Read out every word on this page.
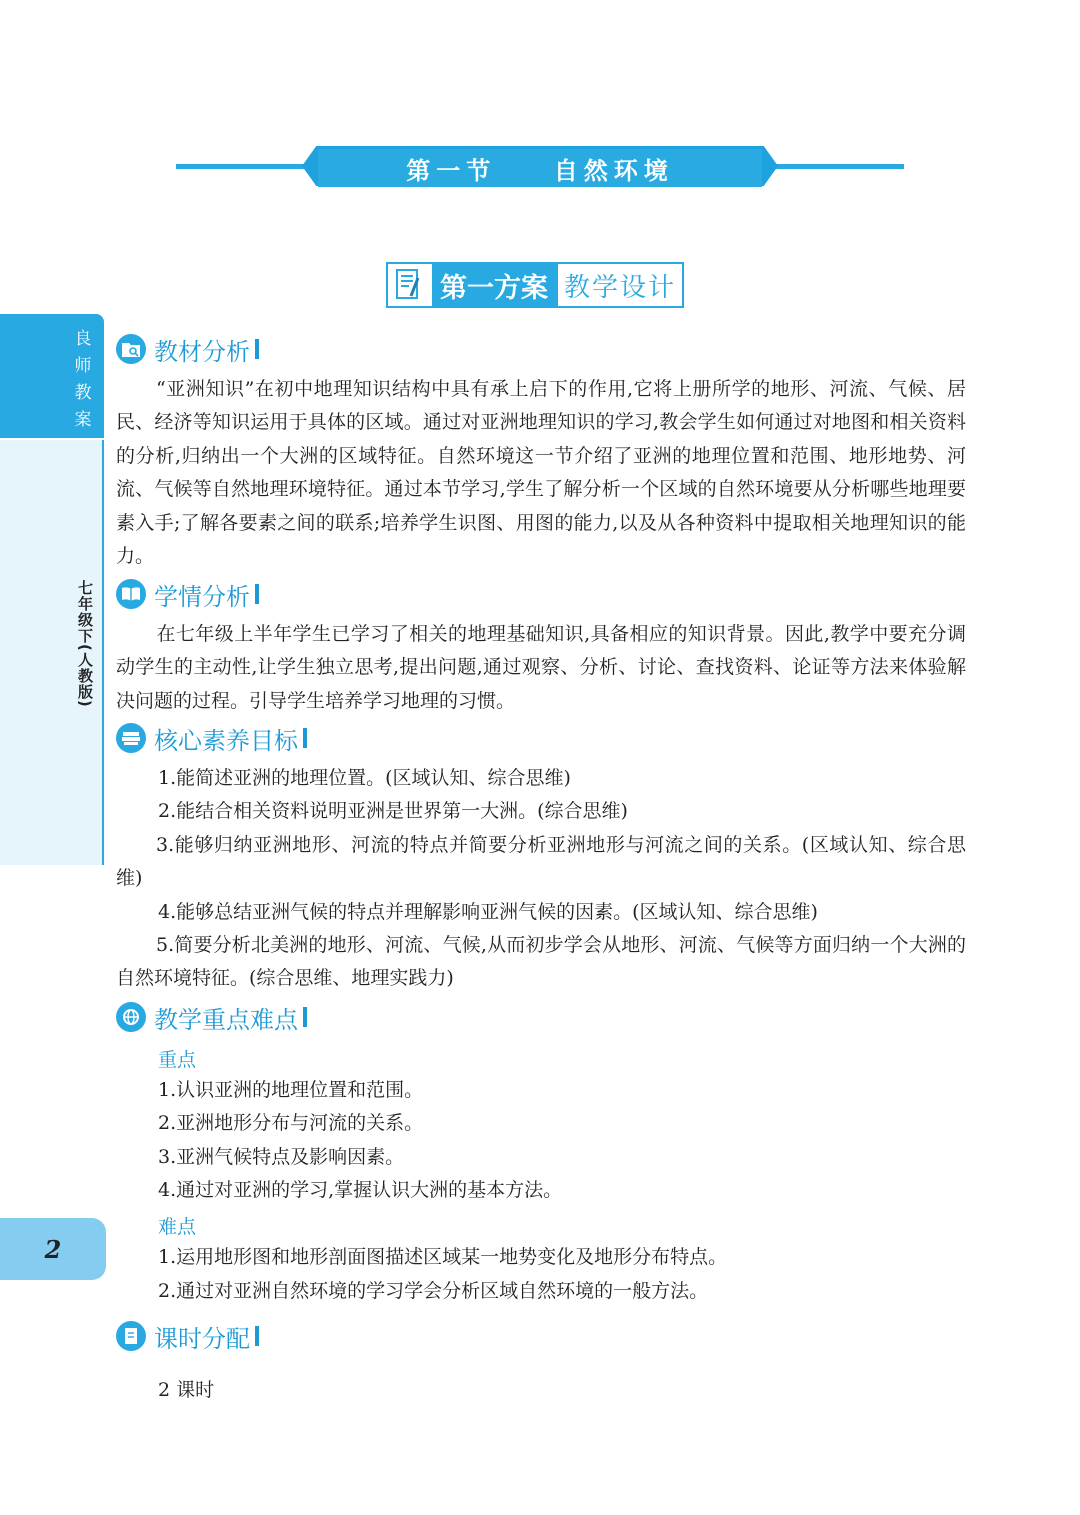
第一节    自然环境
第一方案 教学设计
良师教案
七年级下(人教版)
2
教材分析

“亚洲知识”在初中地理知识结构中具有承上启下的作用,它将上册所学的地形、河流、气候、居民、经济等知识运用于具体的区域。通过对亚洲地理知识的学习,教会学生如何通过对地图和相关资料的分析,归纳出一个大洲的区域特征。自然环境这一节介绍了亚洲的地理位置和范围、地形地势、河流、气候等自然地理环境特征。通过本节学习,学生了解分析一个区域的自然环境要从分析哪些地理要素入手;了解各要素之间的联系;培养学生识图、用图的能力,以及从各种资料中提取相关地理知识的能力。

学情分析

在七年级上半年学生已学习了相关的地理基础知识,具备相应的知识背景。因此,教学中要充分调动学生的主动性,让学生独立思考,提出问题,通过观察、分析、讨论、查找资料、论证等方法来体验解决问题的过程。引导学生培养学习地理的习惯。

核心素养目标

1.能简述亚洲的地理位置。(区域认知、综合思维)

2.能结合相关资料说明亚洲是世界第一大洲。(综合思维)

3.能够归纳亚洲地形、河流的特点并简要分析亚洲地形与河流之间的关系。(区域认知、综合思维)

4.能够总结亚洲气候的特点并理解影响亚洲气候的因素。(区域认知、综合思维)

5.简要分析北美洲的地形、河流、气候,从而初步学会从地形、河流、气候等方面归纳一个大洲的自然环境特征。(综合思维、地理实践力)

教学重点难点
重点

1.认识亚洲的地理位置和范围。

2.亚洲地形分布与河流的关系。

3.亚洲气候特点及影响因素。

4.通过对亚洲的学习,掌握认识大洲的基本方法。

难点

1.运用地形图和地形剖面图描述区域某一地势变化及地形分布特点。

2.通过对亚洲自然环境的学习学会分析区域自然环境的一般方法。

课时分配

2 课时
